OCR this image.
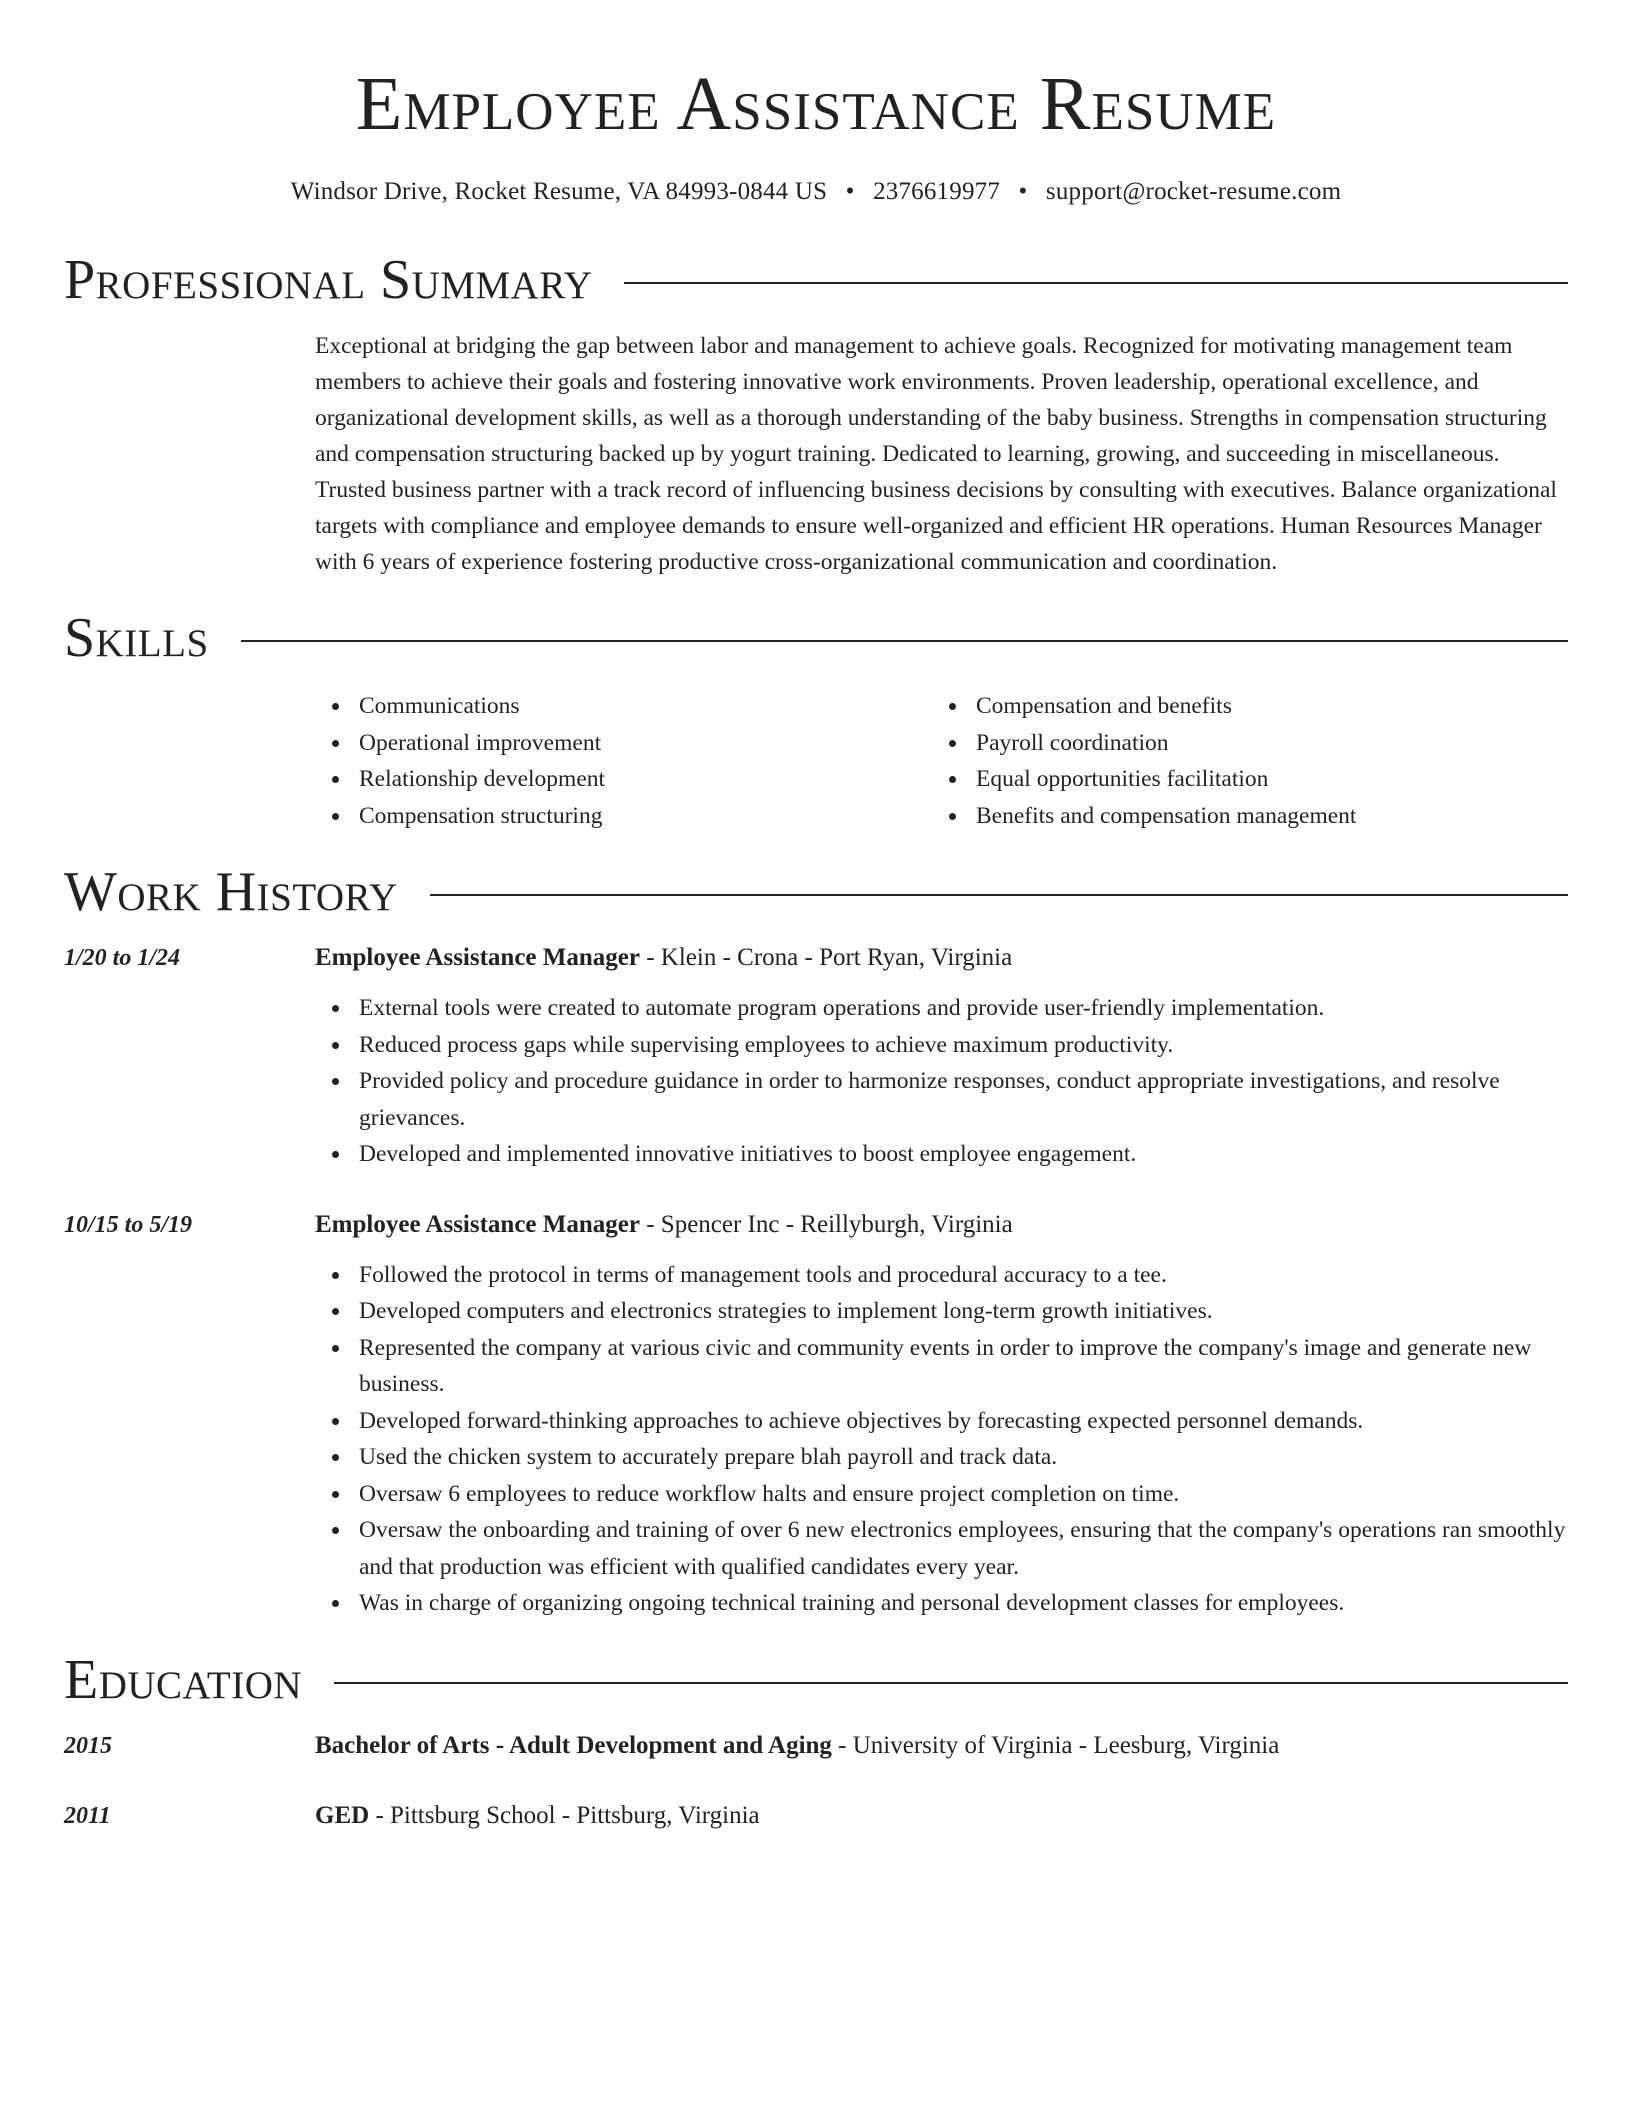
Employee Assistance Resume
Windsor Drive, Rocket Resume, VA 84993-0844 US • 2376619977 • support@rocket-resume.com
Professional Summary

Exceptional at bridging the gap between labor and management to achieve goals. Recognized for motivating management team members to achieve their goals and fostering innovative work environments. Proven leadership, operational excellence, and organizational development skills, as well as a thorough understanding of the baby business. Strengths in compensation structuring and compensation structuring backed up by yogurt training. Dedicated to learning, growing, and succeeding in miscellaneous. Trusted business partner with a track record of influencing business decisions by consulting with executives. Balance organizational targets with compliance and employee demands to ensure well-organized and efficient HR operations. Human Resources Manager with 6 years of experience fostering productive cross-organizational communication and coordination.

Skills
Communications
Operational improvement
Relationship development
Compensation structuring
Compensation and benefits
Payroll coordination
Equal opportunities facilitation
Benefits and compensation management
Work History
1/20 to 1/24	Employee Assistance Manager - Klein - Crona - Port Ryan, Virginia
External tools were created to automate program operations and provide user-friendly implementation.
Reduced process gaps while supervising employees to achieve maximum productivity.
Provided policy and procedure guidance in order to harmonize responses, conduct appropriate investigations, and resolve grievances.
Developed and implemented innovative initiatives to boost employee engagement.
10/15 to 5/19	Employee Assistance Manager - Spencer Inc - Reillyburgh, Virginia
Followed the protocol in terms of management tools and procedural accuracy to a tee.
Developed computers and electronics strategies to implement long-term growth initiatives.
Represented the company at various civic and community events in order to improve the company's image and generate new business.
Developed forward-thinking approaches to achieve objectives by forecasting expected personnel demands.
Used the chicken system to accurately prepare blah payroll and track data.
Oversaw 6 employees to reduce workflow halts and ensure project completion on time.
Oversaw the onboarding and training of over 6 new electronics employees, ensuring that the company's operations ran smoothly and that production was efficient with qualified candidates every year.
Was in charge of organizing ongoing technical training and personal development classes for employees.
Education
2015	Bachelor of Arts - Adult Development and Aging - University of Virginia - Leesburg, Virginia
2011	GED - Pittsburg School - Pittsburg, Virginia
